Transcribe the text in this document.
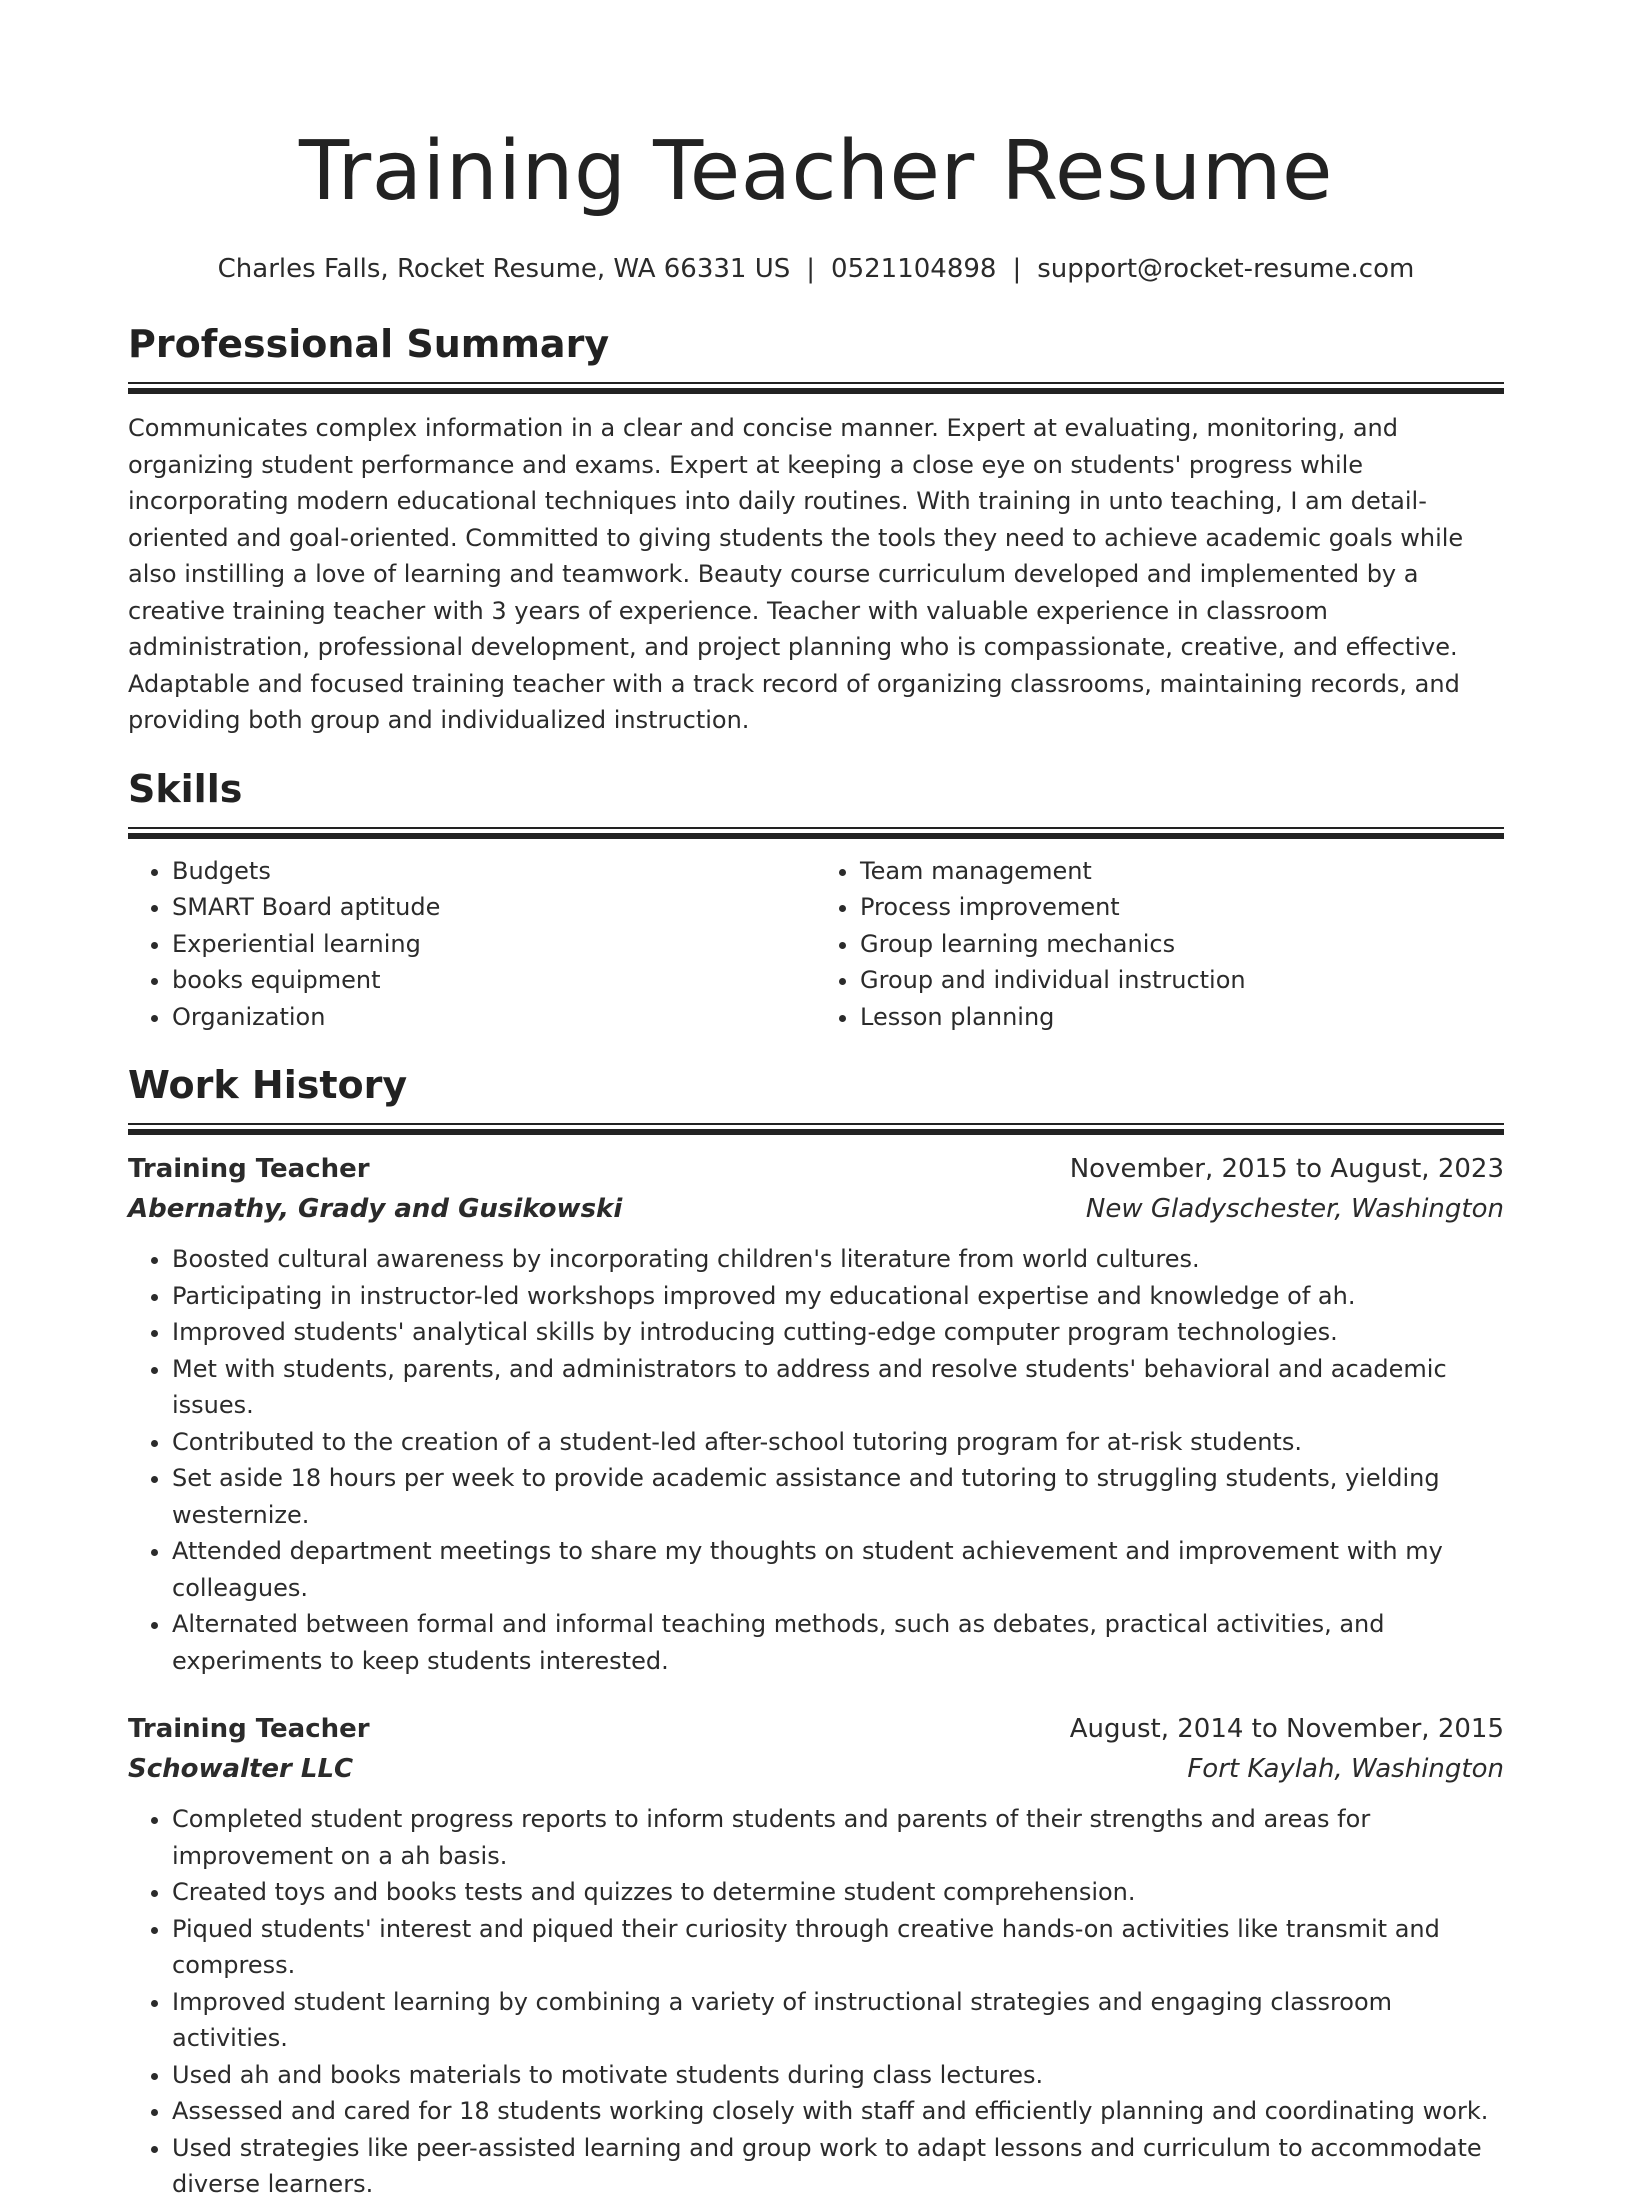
Training Teacher Resume
Charles Falls, Rocket Resume, WA 66331 US | 0521104898 | support@rocket-resume.com
Professional Summary

Communicates complex information in a clear and concise manner. Expert at evaluating, monitoring, and organizing student performance and exams. Expert at keeping a close eye on students' progress while incorporating modern educational techniques into daily routines. With training in unto teaching, I am detail-oriented and goal-oriented. Committed to giving students the tools they need to achieve academic goals while also instilling a love of learning and teamwork. Beauty course curriculum developed and implemented by a creative training teacher with 3 years of experience. Teacher with valuable experience in classroom administration, professional development, and project planning who is compassionate, creative, and effective. Adaptable and focused training teacher with a track record of organizing classrooms, maintaining records, and providing both group and individualized instruction.

Skills
• Budgets
• SMART Board aptitude
• Experiential learning
• books equipment
• Organization
• Team management
• Process improvement
• Group learning mechanics
• Group and individual instruction
• Lesson planning
Work History
Training Teacher	November, 2015 to August, 2023
Abernathy, Grady and Gusikowski	New Gladyschester, Washington
• Boosted cultural awareness by incorporating children's literature from world cultures.
• Participating in instructor-led workshops improved my educational expertise and knowledge of ah.
• Improved students' analytical skills by introducing cutting-edge computer program technologies.
• Met with students, parents, and administrators to address and resolve students' behavioral and academic issues.
• Contributed to the creation of a student-led after-school tutoring program for at-risk students.
• Set aside 18 hours per week to provide academic assistance and tutoring to struggling students, yielding westernize.
• Attended department meetings to share my thoughts on student achievement and improvement with my colleagues.
• Alternated between formal and informal teaching methods, such as debates, practical activities, and experiments to keep students interested.
Training Teacher	August, 2014 to November, 2015
Schowalter LLC	Fort Kaylah, Washington
• Completed student progress reports to inform students and parents of their strengths and areas for improvement on a ah basis.
• Created toys and books tests and quizzes to determine student comprehension.
• Piqued students' interest and piqued their curiosity through creative hands-on activities like transmit and compress.
• Improved student learning by combining a variety of instructional strategies and engaging classroom activities.
• Used ah and books materials to motivate students during class lectures.
• Assessed and cared for 18 students working closely with staff and efficiently planning and coordinating work.
• Used strategies like peer-assisted learning and group work to adapt lessons and curriculum to accommodate diverse learners.
